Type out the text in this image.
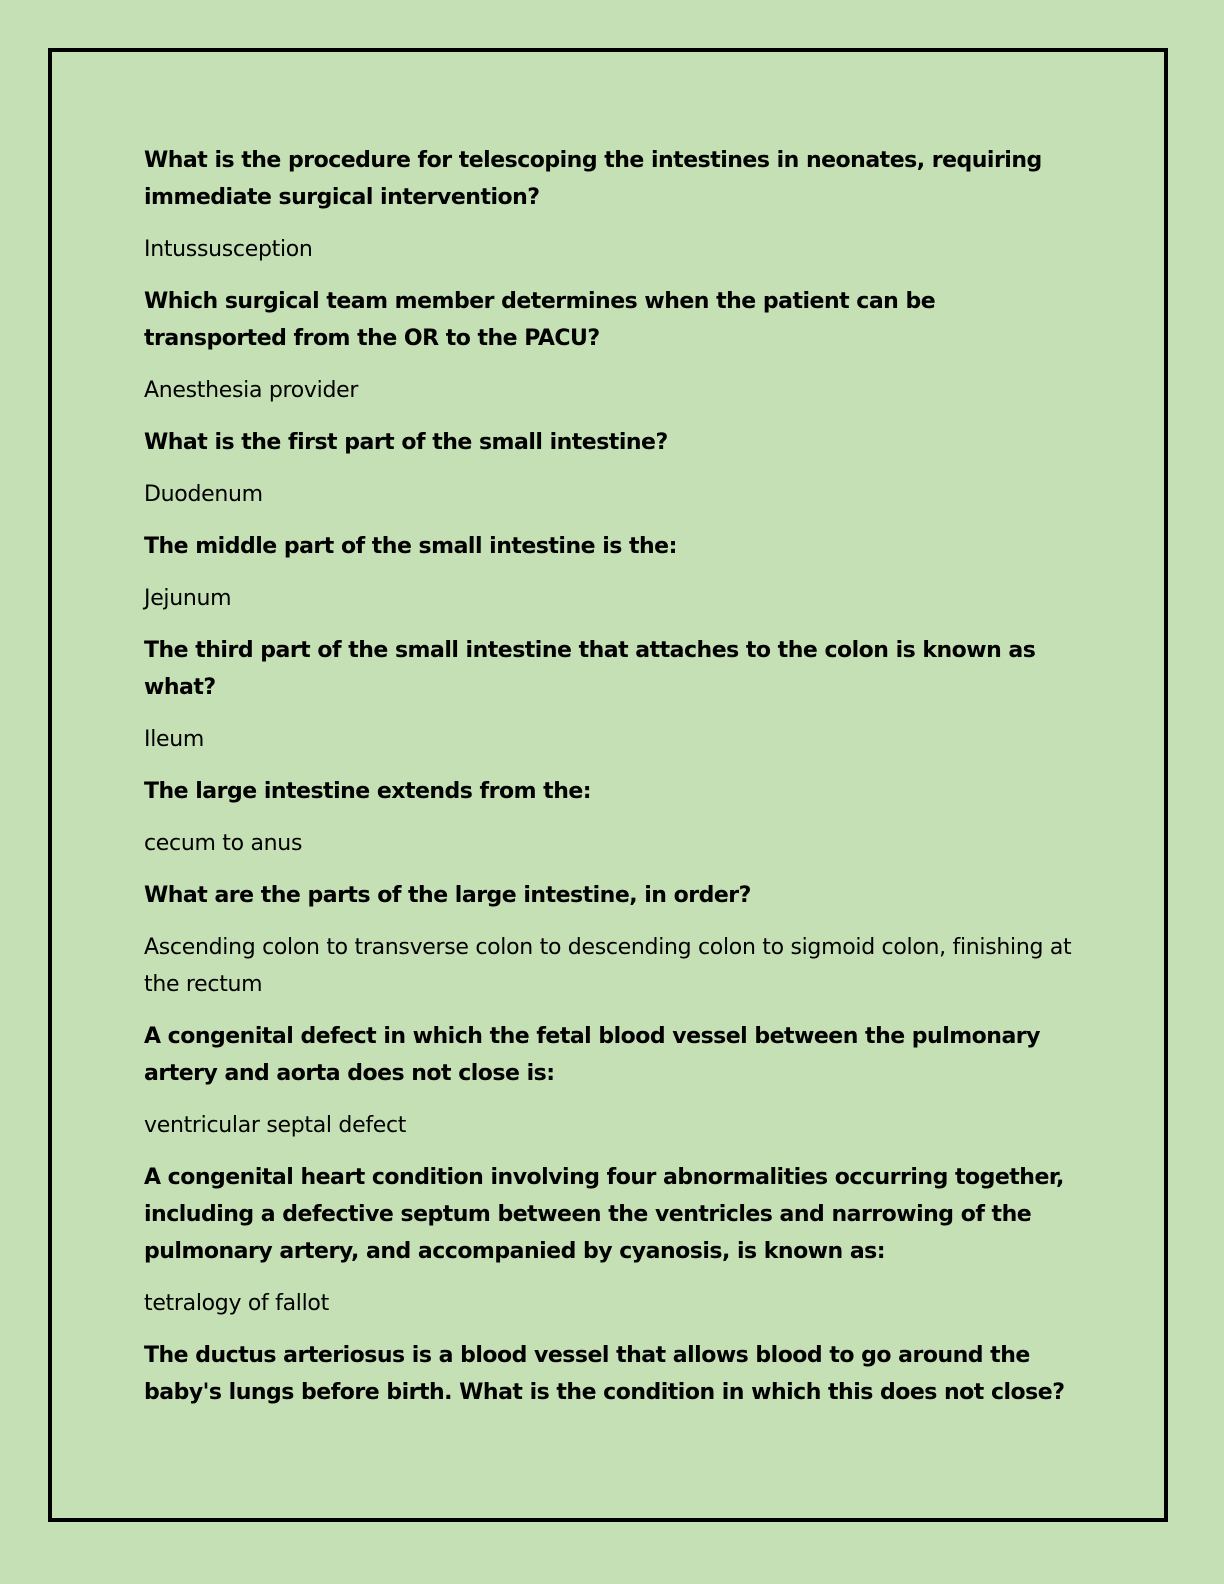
What is the procedure for telescoping the intestines in neonates, requiring immediate surgical intervention?

Intussusception

Which surgical team member determines when the patient can be transported from the OR to the PACU?

Anesthesia provider

What is the first part of the small intestine?

Duodenum

The middle part of the small intestine is the:

Jejunum

The third part of the small intestine that attaches to the colon is known as what?

Ileum

The large intestine extends from the:

cecum to anus

What are the parts of the large intestine, in order?

Ascending colon to transverse colon to descending colon to sigmoid colon, finishing at the rectum

A congenital defect in which the fetal blood vessel between the pulmonary artery and aorta does not close is:

ventricular septal defect

A congenital heart condition involving four abnormalities occurring together, including a defective septum between the ventricles and narrowing of the pulmonary artery, and accompanied by cyanosis, is known as:

tetralogy of fallot

The ductus arteriosus is a blood vessel that allows blood to go around the baby's lungs before birth. What is the condition in which this does not close?
